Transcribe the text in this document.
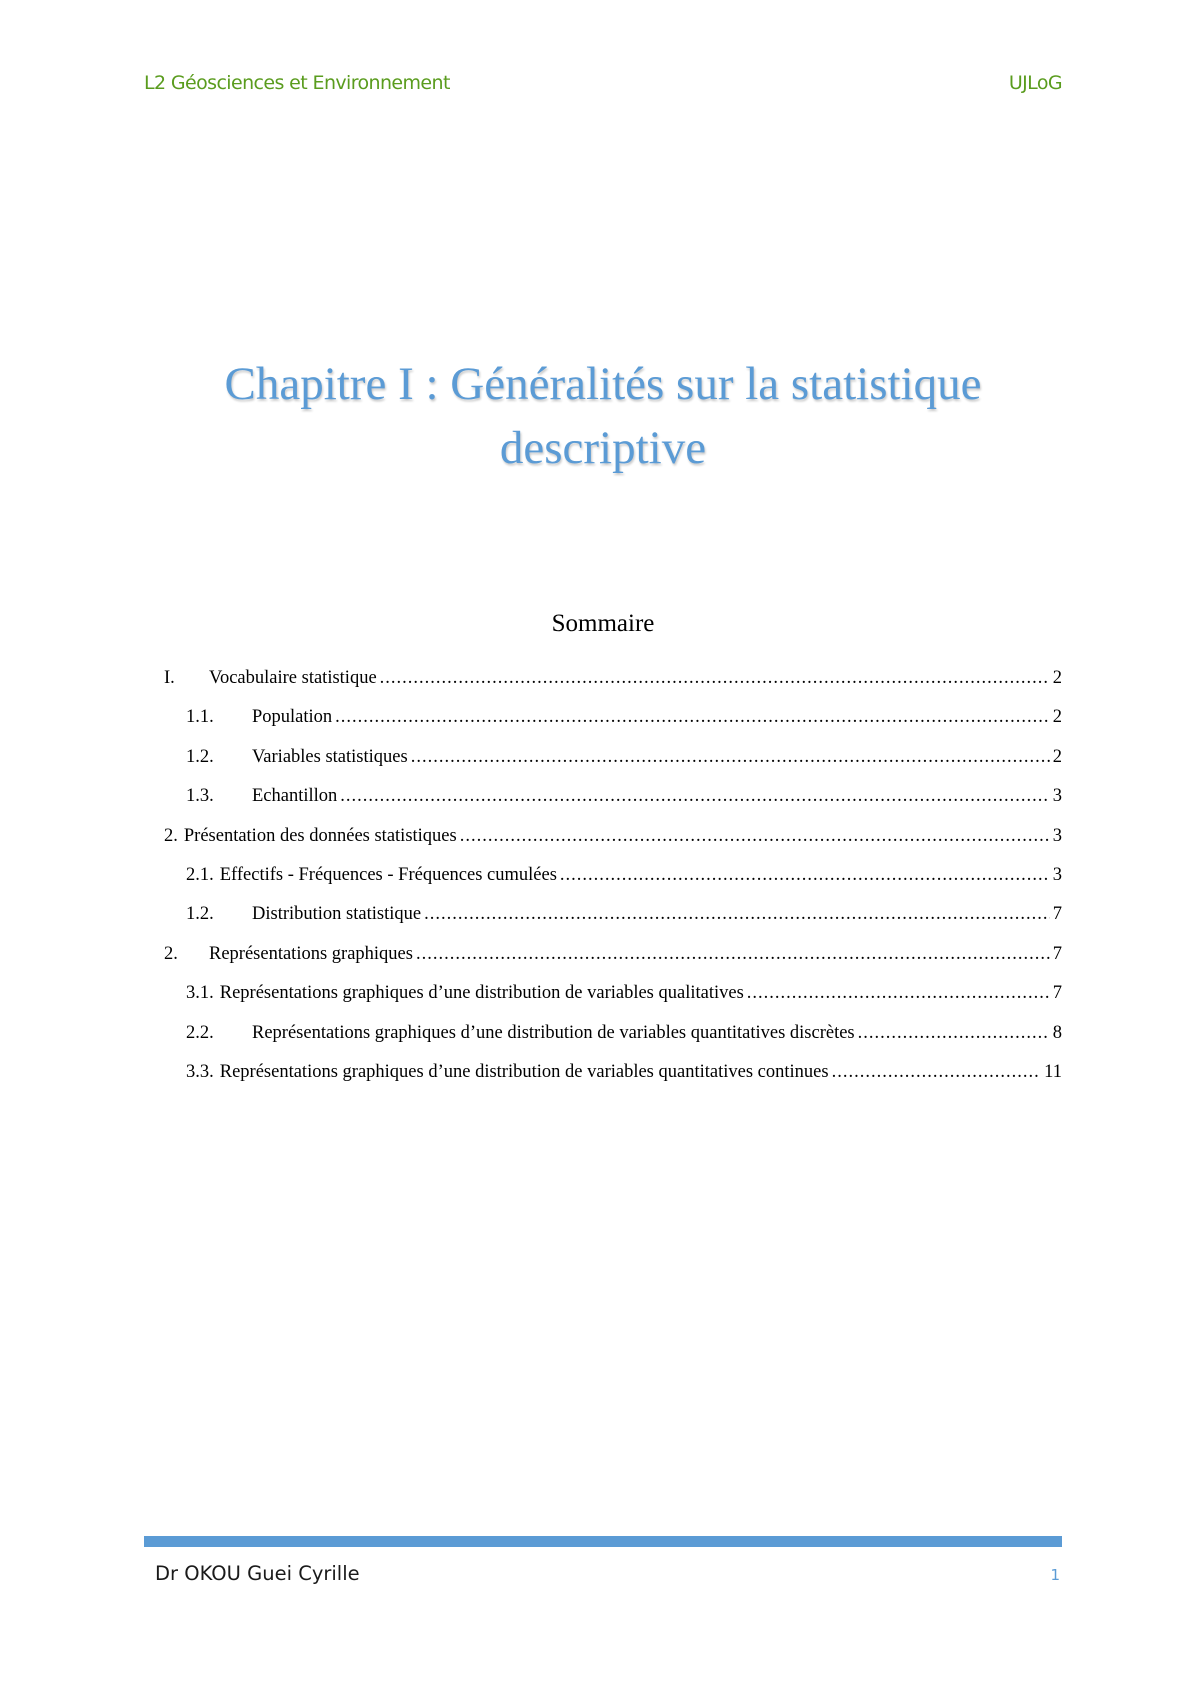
L2 Géosciences et Environnement	UJLoG
Chapitre I : Généralités sur la statistique
descriptive
Sommaire
I.	Vocabulaire statistique .....	2
1.1.	Population .....	2
1.2.	Variables statistiques .....	2
1.3.	Echantillon .....	3
2. Présentation des données statistiques .....	3
2.1. Effectifs - Fréquences - Fréquences cumulées .....	3
1.2.	Distribution statistique .....	7
2.	Représentations graphiques .....	7
3.1. Représentations graphiques d’une distribution de variables qualitatives .....	7
2.2.	Représentations graphiques d’une distribution de variables quantitatives discrètes .....	8
3.3. Représentations graphiques d’une distribution de variables quantitatives continues .....	11
Dr OKOU Guei Cyrille	1
